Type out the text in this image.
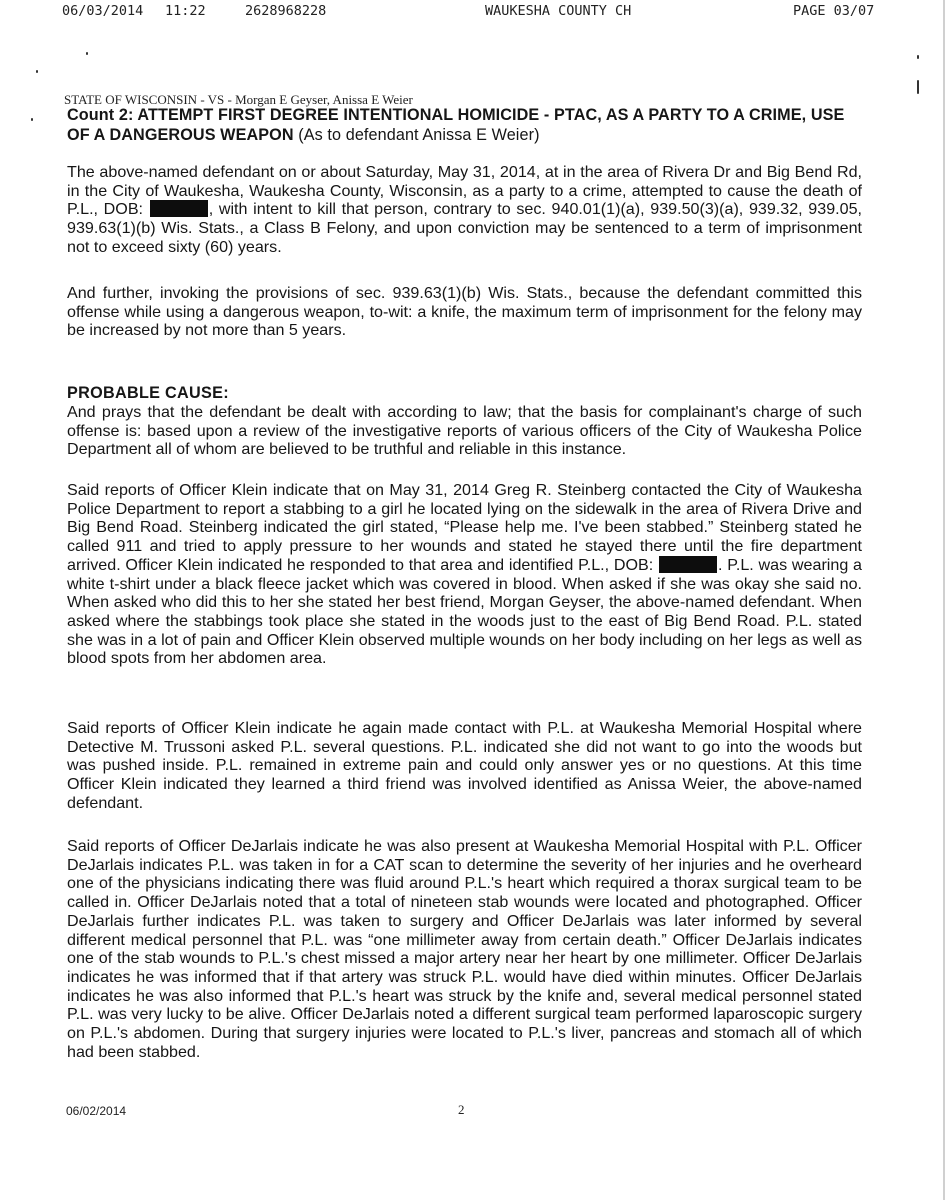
06/03/2014 11:22	2628968228	WAUKESHA COUNTY CH	PAGE 03/07
STATE OF WISCONSIN - VS - Morgan E Geyser, Anissa E Weier
Count 2: ATTEMPT FIRST DEGREE INTENTIONAL HOMICIDE - PTAC, AS A PARTY TO A CRIME, USE OF A DANGEROUS WEAPON (As to defendant Anissa E Weier)

The above-named defendant on or about Saturday, May 31, 2014, at in the area of Rivera Dr and Big Bend Rd, in the City of Waukesha, Waukesha County, Wisconsin, as a party to a crime, attempted to cause the death of P.L., DOB:	, with intent to kill that person, contrary to sec. 940.01(1)(a), 939.50(3)(a), 939.32, 939.05, 939.63(1)(b) Wis. Stats., a Class B Felony, and upon conviction may be sentenced to a term of imprisonment not to exceed sixty (60) years.

And further, invoking the provisions of sec. 939.63(1)(b) Wis. Stats., because the defendant committed this offense while using a dangerous weapon, to-wit: a knife, the maximum term of imprisonment for the felony may be increased by not more than 5 years.

PROBABLE CAUSE:

And prays that the defendant be dealt with according to law; that the basis for complainant's charge of such offense is: based upon a review of the investigative reports of various officers of the City of Waukesha Police Department all of whom are believed to be truthful and reliable in this instance.

Said reports of Officer Klein indicate that on May 31, 2014 Greg R. Steinberg contacted the City of Waukesha Police Department to report a stabbing to a girl he located lying on the sidewalk in the area of Rivera Drive and Big Bend Road. Steinberg indicated the girl stated, “Please help me. I've been stabbed.” Steinberg stated he called 911 and tried to apply pressure to her wounds and stated he stayed there until the fire department arrived. Officer Klein indicated he responded to that area and identified P.L., DOB:	. P.L. was wearing a white t-shirt under a black fleece jacket which was covered in blood. When asked if she was okay she said no. When asked who did this to her she stated her best friend, Morgan Geyser, the above-named defendant. When asked where the stabbings took place she stated in the woods just to the east of Big Bend Road. P.L. stated she was in a lot of pain and Officer Klein observed multiple wounds on her body including on her legs as well as blood spots from her abdomen area.

Said reports of Officer Klein indicate he again made contact with P.L. at Waukesha Memorial Hospital where Detective M. Trussoni asked P.L. several questions. P.L. indicated she did not want to go into the woods but was pushed inside. P.L. remained in extreme pain and could only answer yes or no questions. At this time Officer Klein indicated they learned a third friend was involved identified as Anissa Weier, the above-named defendant.

Said reports of Officer DeJarlais indicate he was also present at Waukesha Memorial Hospital with P.L. Officer DeJarlais indicates P.L. was taken in for a CAT scan to determine the severity of her injuries and he overheard one of the physicians indicating there was fluid around P.L.'s heart which required a thorax surgical team to be called in. Officer DeJarlais noted that a total of nineteen stab wounds were located and photographed. Officer DeJarlais further indicates P.L. was taken to surgery and Officer DeJarlais was later informed by several different medical personnel that P.L. was “one millimeter away from certain death.” Officer DeJarlais indicates one of the stab wounds to P.L.'s chest missed a major artery near her heart by one millimeter. Officer DeJarlais indicates he was informed that if that artery was struck P.L. would have died within minutes. Officer DeJarlais indicates he was also informed that P.L.'s heart was struck by the knife and, several medical personnel stated P.L. was very lucky to be alive. Officer DeJarlais noted a different surgical team performed laparoscopic surgery on P.L.'s abdomen. During that surgery injuries were located to P.L.'s liver, pancreas and stomach all of which had been stabbed.

06/02/2014	2
